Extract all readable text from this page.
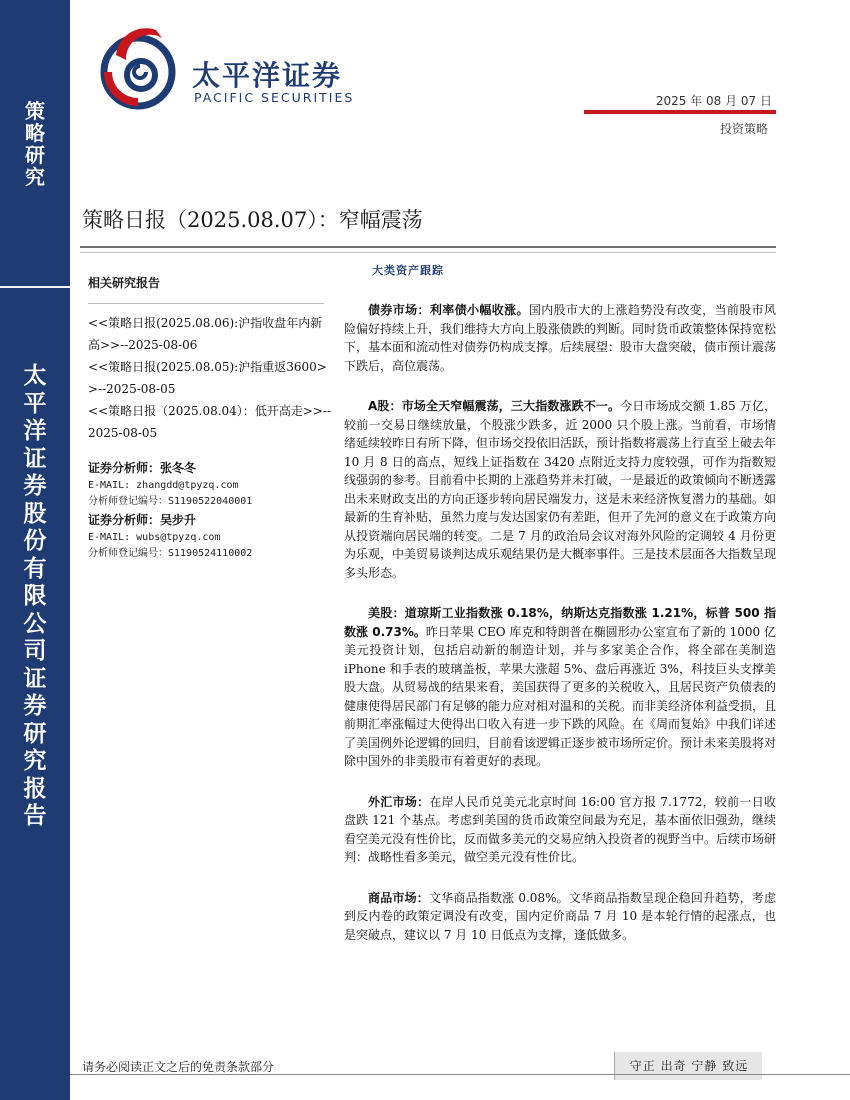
策
略
研
究
太
平
洋
证
券
股
份
有
限
公
司
证
券
研
究
报
告
太平洋证券
PACIFIC SECURITIES	2025 年 08 月 07 日
投资策略
策略日报（2025.08.07）：窄幅震荡
相关研究报告
<<策略日报(2025.08.06):沪指收盘年内新高>>--2025-08-06
<<策略日报(2025.08.05):沪指重返3600>>--2025-08-05
<<策略日报（2025.08.04）：低开高走>>--2025-08-05
证券分析师：张冬冬
E-MAIL: zhangdd@tpyzq.com
分析师登记编号：S1190522040001
证券分析师：吴步升
E-MAIL: wubs@tpyzq.com
分析师登记编号：S1190524110002
大类资产跟踪

债券市场：利率债小幅收涨。国内股市大的上涨趋势没有改变，当前股市风险偏好持续上升，我们维持大方向上股涨债跌的判断。同时货币政策整体保持宽松下，基本面和流动性对债券仍构成支撑。后续展望：股市大盘突破，债市预计震荡下跌后，高位震荡。

A股：市场全天窄幅震荡，三大指数涨跌不一。今日市场成交额 1.85 万亿，较前一交易日继续放量，个股涨少跌多，近 2000 只个股上涨。当前看，市场情绪延续较昨日有所下降，但市场交投依旧活跃，预计指数将震荡上行直至上破去年 10 月 8 日的高点，短线上证指数在 3420 点附近支持力度较强，可作为指数短线强弱的参考。目前看中长期的上涨趋势并未打破，一是最近的政策倾向不断透露出未来财政支出的方向正逐步转向居民端发力，这是未来经济恢复潜力的基础。如最新的生育补贴，虽然力度与发达国家仍有差距，但开了先河的意义在于政策方向从投资端向居民端的转变。二是 7 月的政治局会议对海外风险的定调较 4 月份更为乐观，中美贸易谈判达成乐观结果仍是大概率事件。三是技术层面各大指数呈现多头形态。

美股：道琼斯工业指数涨 0.18%，纳斯达克指数涨 1.21%，标普 500 指数涨 0.73%。昨日苹果 CEO 库克和特朗普在椭圆形办公室宣布了新的 1000 亿美元投资计划，包括启动新的制造计划，并与多家美企合作，将全部在美制造 iPhone 和手表的玻璃盖板，苹果大涨超 5%、盘后再涨近 3%，科技巨头支撑美股大盘。从贸易战的结果来看，美国获得了更多的关税收入，且居民资产负债表的健康使得居民部门有足够的能力应对相对温和的关税。而非美经济体利益受损，且前期汇率涨幅过大使得出口收入有进一步下跌的风险。在《周而复始》中我们详述了美国例外论逻辑的回归，目前看该逻辑正逐步被市场所定价。预计未来美股将对除中国外的非美股市有着更好的表现。

外汇市场：在岸人民币兑美元北京时间 16:00 官方报 7.1772，较前一日收盘跌 121 个基点。考虑到美国的货币政策空间最为充足，基本面依旧强劲，继续看空美元没有性价比，反而做多美元的交易应纳入投资者的视野当中。后续市场研判：战略性看多美元，做空美元没有性价比。

商品市场：文华商品指数涨 0.08%。文华商品指数呈现企稳回升趋势，考虑到反内卷的政策定调没有改变，国内定价商品 7 月 10 是本轮行情的起涨点，也是突破点，建议以 7 月 10 日低点为支撑，逢低做多。

请务必阅读正文之后的免责条款部分	守正 出奇 宁静 致远
